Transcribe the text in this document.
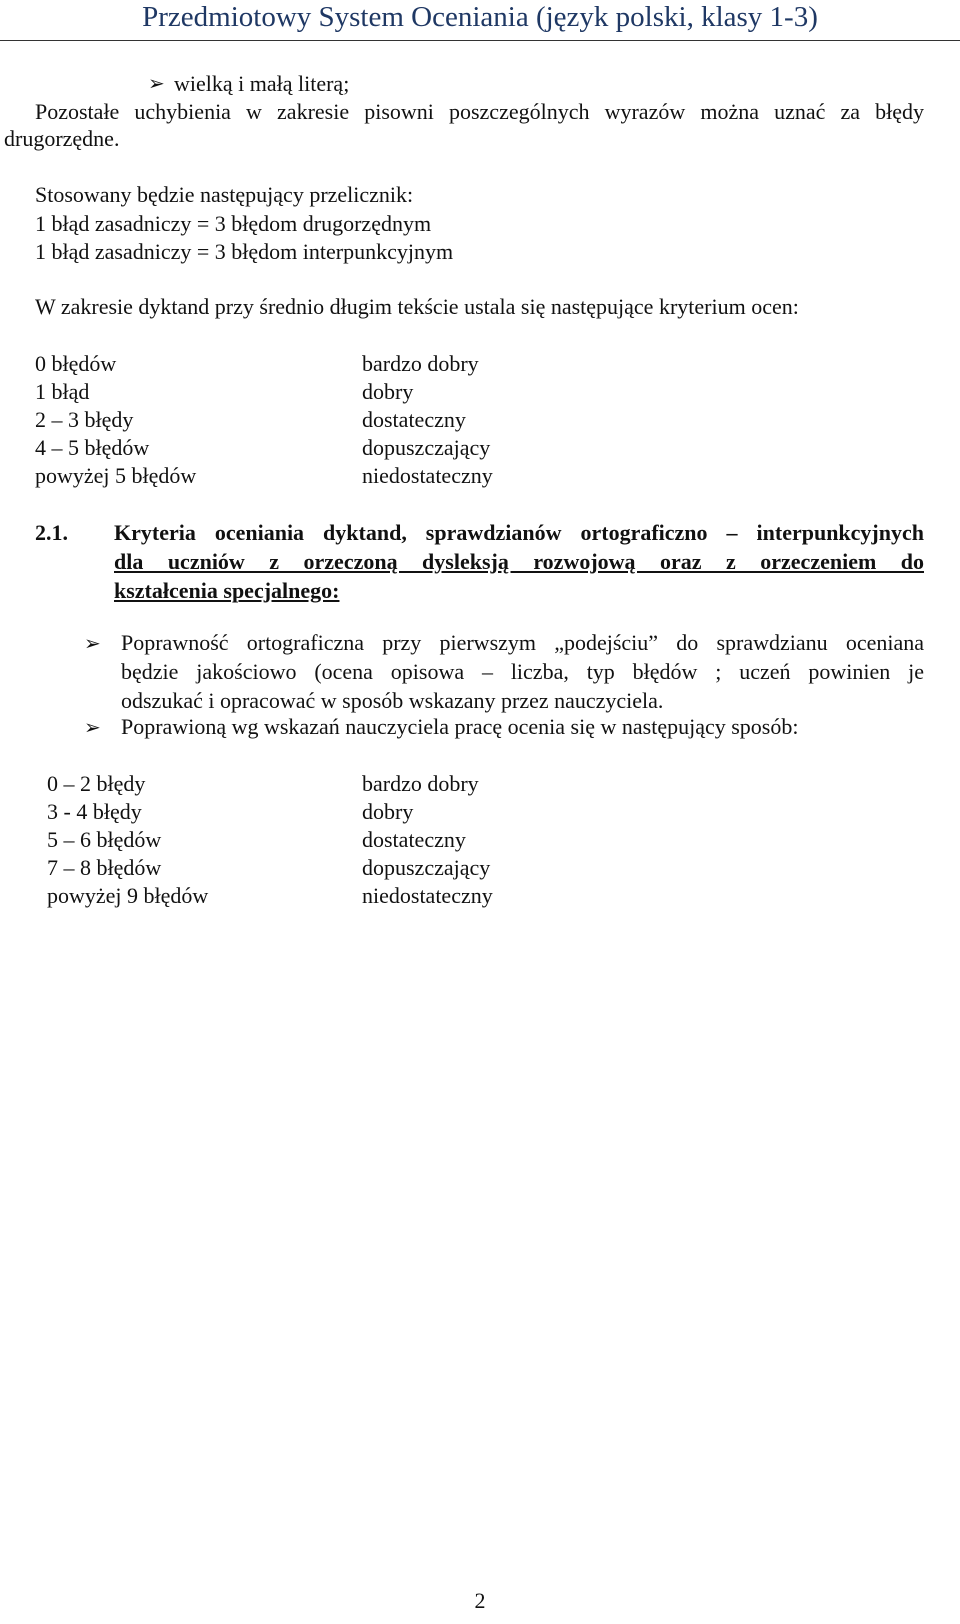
Przedmiotowy System Oceniania (język polski, klasy 1-3)
➢ wielką i małą literą;

Pozostałe uchybienia w zakresie pisowni poszczególnych wyrazów można uznać za błędy

drugorzędne.
Stosowany będzie następujący przelicznik:
1 błąd zasadniczy = 3 błędom drugorzędnym
1 błąd zasadniczy = 3 błędom interpunkcyjnym
W zakresie dyktand przy średnio długim tekście ustala się następujące kryterium ocen:
0 błędów	bardzo dobry
1 błąd	dobry
2 – 3 błędy	dostateczny
4 – 5 błędów	dopuszczający
powyżej 5 błędów	niedostateczny
2.1. Kryteria oceniania dyktand, sprawdzianów ortograficzno – interpunkcyjnych

dla uczniów z orzeczoną dysleksją rozwojową oraz z orzeczeniem do

kształcenia specjalnego:

➢ Poprawność ortograficzna przy pierwszym „podejściu” do sprawdzianu oceniana

będzie jakościowo (ocena opisowa – liczba, typ błędów ; uczeń powinien je

odszukać i opracować w sposób wskazany przez nauczyciela.

➢ Poprawioną wg wskazań nauczyciela pracę ocenia się w następujący sposób:
0 – 2 błędy	bardzo dobry
3 - 4 błędy	dobry
5 – 6 błędów	dostateczny
7 – 8 błędów	dopuszczający
powyżej 9 błędów	niedostateczny
2
